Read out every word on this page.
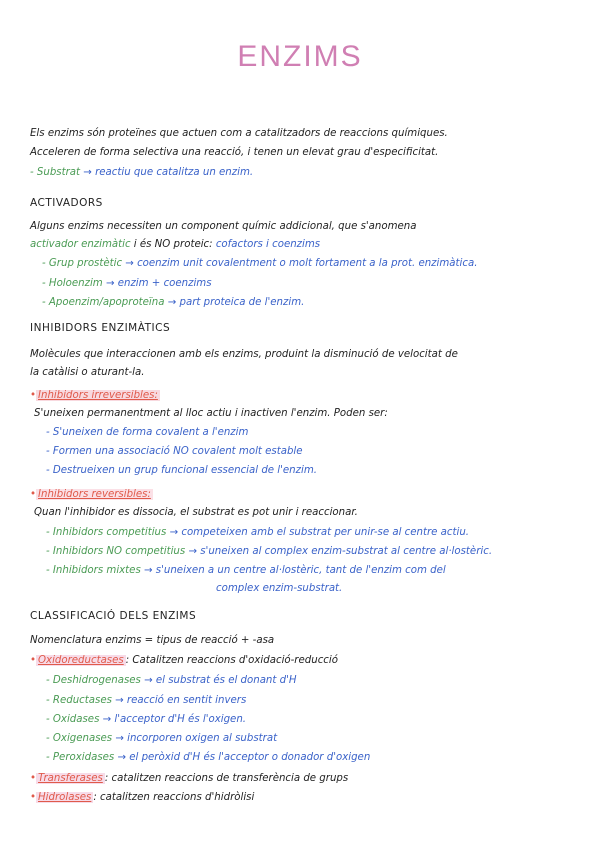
ENZIMS
Els enzims són proteïnes que actuen com a catalitzadors de reaccions químiques.
Acceleren de forma selectiva una reacció, i tenen un elevat grau d'especificitat.
- Substrat → reactiu que catalitza un enzim.
ACTIVADORS
Alguns enzims necessiten un component químic addicional, que s'anomena
activador enzimàtic i és NO proteic: cofactors i coenzims
- Grup prostètic → coenzim unit covalentment o molt fortament a la prot. enzimàtica.
- Holoenzim → enzim + coenzims
- Apoenzim/apoproteïna → part proteica de l'enzim.
INHIBIDORS ENZIMÀTICS
Molècules que interaccionen amb els enzims, produint la disminució de velocitat de
la catàlisi o aturant-la.
• Inhibidors irreversibles:
S'uneixen permanentment al lloc actiu i inactiven l'enzim. Poden ser:
- S'uneixen de forma covalent a l'enzim
- Formen una associació NO covalent molt estable
- Destrueixen un grup funcional essencial de l'enzim.
• Inhibidors reversibles:
Quan l'inhibidor es dissocia, el substrat es pot unir i reaccionar.
- Inhibidors competitius → competeixen amb el substrat per unir-se al centre actiu.
- Inhibidors NO competitius → s'uneixen al complex enzim-substrat al centre al·lostèric.
- Inhibidors mixtes → s'uneixen a un centre al·lostèric, tant de l'enzim com del
complex enzim-substrat.
CLASSIFICACIÓ DELS ENZIMS
Nomenclatura enzims = tipus de reacció + -asa
• Oxidoreductases : Catalitzen reaccions d'oxidació-reducció
- Deshidrogenases → el substrat és el donant d'H
- Reductases → reacció en sentit invers
- Oxidases → l'acceptor d'H és l'oxigen.
- Oxigenases → incorporen oxigen al substrat
- Peroxidases → el peròxid d'H és l'acceptor o donador d'oxigen
• Transferases : catalitzen reaccions de transferència de grups
• Hidrolases : catalitzen reaccions d'hidròlisi
